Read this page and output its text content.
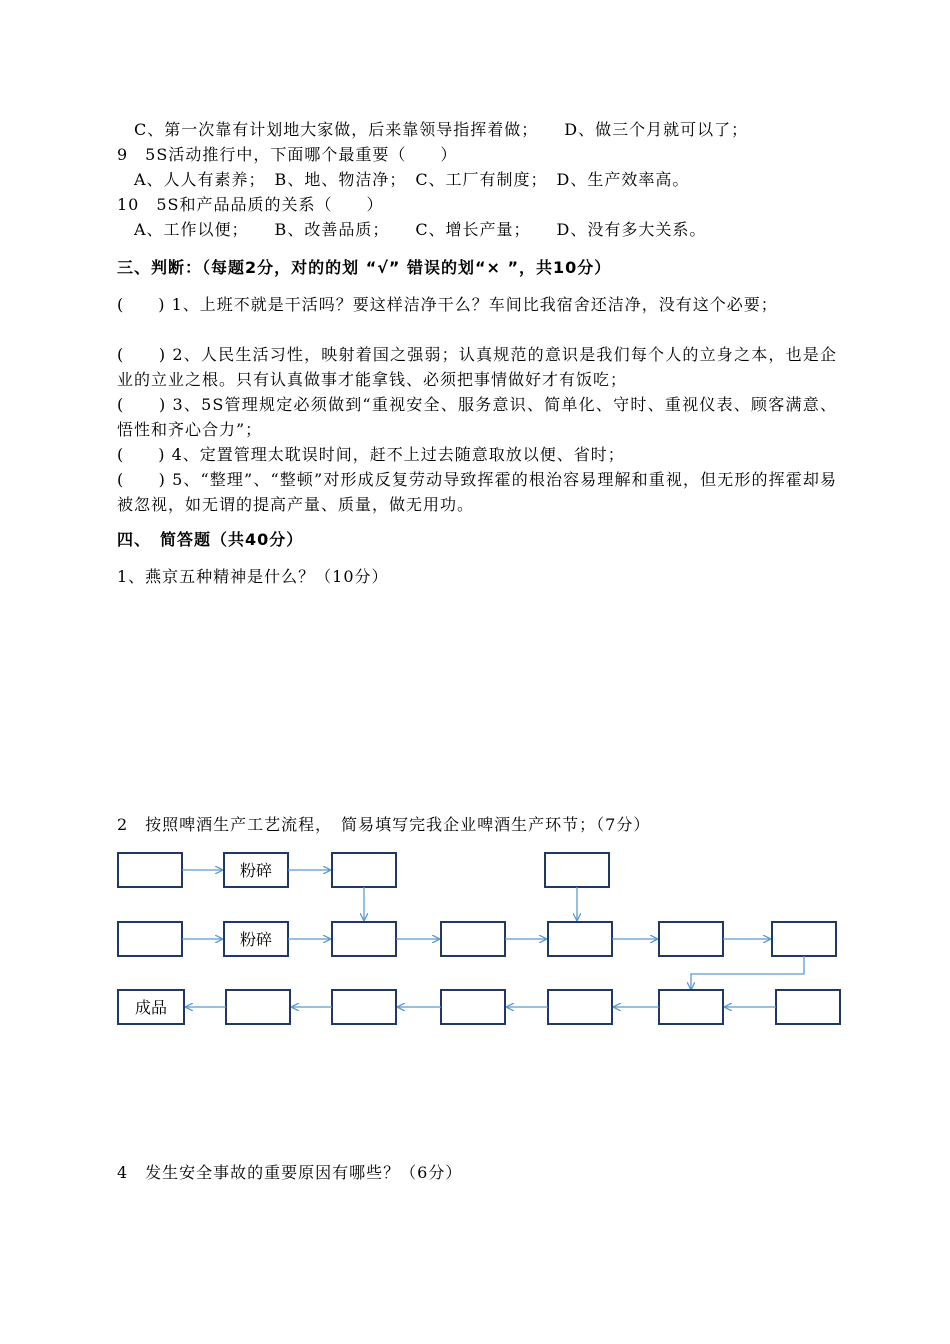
C、第一次靠有计划地大家做，后来靠领导指挥着做；　　D、做三个月就可以了；
9　5S活动推行中，下面哪个最重要（　　）
A、人人有素养；　B、地、物洁净；　C、工厂有制度；　D、生产效率高。
10　5S和产品品质的关系（　　）
A、工作以便；　　B、改善品质；　　C、增长产量；　　D、没有多大关系。
三、判断：（每题2分，对的的划 “√” 错误的划“× ”，共10分）
(　　) 1、上班不就是干活吗？要这样洁净干么？车间比我宿舍还洁净，没有这个必要；
(　　) 2、人民生活习性，映射着国之强弱；认真规范的意识是我们每个人的立身之本，也是企业的立业之根。只有认真做事才能拿钱、必须把事情做好才有饭吃；
(　　) 3、5S管理规定必须做到“重视安全、服务意识、简单化、守时、重视仪表、顾客满意、悟性和齐心合力”；
(　　) 4、定置管理太耽误时间，赶不上过去随意取放以便、省时；
(　　) 5、“整理”、“整顿”对形成反复劳动导致挥霍的根治容易理解和重视，但无形的挥霍却易被忽视，如无谓的提高产量、质量，做无用功。
四、　简答题（共40分）
1、燕京五种精神是什么？（10分）
2　按照啤酒生产工艺流程，　简易填写完我企业啤酒生产环节；（7分）
粉碎
粉碎
成品
4　发生安全事故的重要原因有哪些？（6分）
